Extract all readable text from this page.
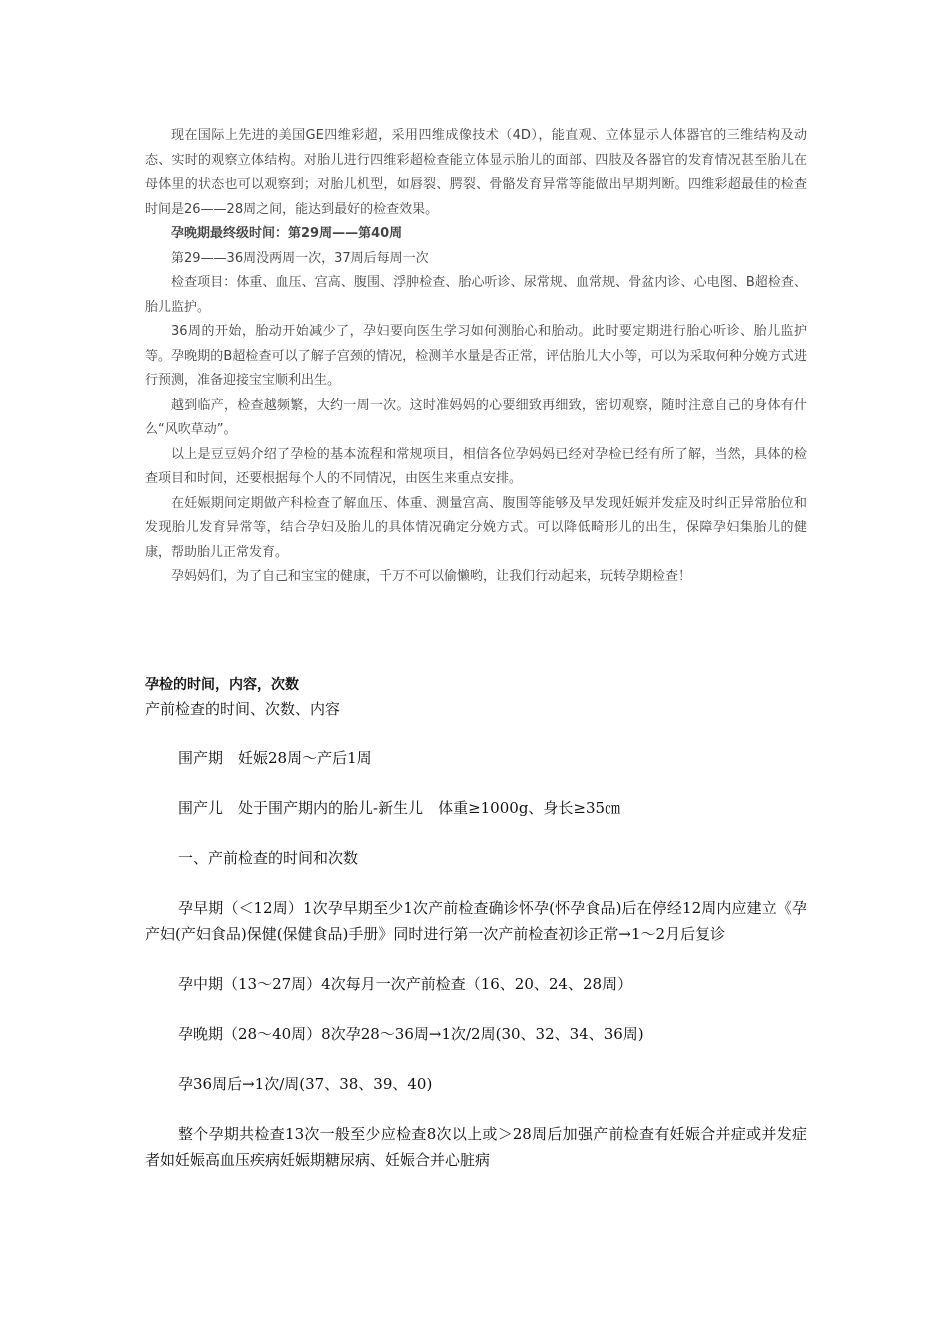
现在国际上先进的美国GE四维彩超，采用四维成像技术（4D），能直观、立体显示人体器官的三维结构及动态、实时的观察立体结构。对胎儿进行四维彩超检查能立体显示胎儿的面部、四肢及各器官的发育情况甚至胎儿在母体里的状态也可以观察到；对胎儿机型，如唇裂、腭裂、骨骼发育异常等能做出早期判断。四维彩超最佳的检查时间是26——28周之间，能达到最好的检查效果。

孕晚期最终级时间：第29周——第40周

第29——36周没两周一次，37周后每周一次

检查项目：体重、血压、宫高、腹围、浮肿检查、胎心听诊、尿常规、血常规、骨盆内诊、心电图、B超检查、胎儿监护。

36周的开始，胎动开始减少了，孕妇要向医生学习如何测胎心和胎动。此时要定期进行胎心听诊、胎儿监护等。孕晚期的B超检查可以了解子宫颈的情况，检测羊水量是否正常，评估胎儿大小等，可以为采取何种分娩方式进行预测，准备迎接宝宝顺利出生。

越到临产，检查越频繁，大约一周一次。这时准妈妈的心要细致再细致，密切观察，随时注意自己的身体有什么“风吹草动”。

以上是豆豆妈介绍了孕检的基本流程和常规项目，相信各位孕妈妈已经对孕检已经有所了解，当然，具体的检查项目和时间，还要根据每个人的不同情况，由医生来重点安排。

在妊娠期间定期做产科检查了解血压、体重、测量宫高、腹围等能够及早发现妊娠并发症及时纠正异常胎位和发现胎儿发育异常等，结合孕妇及胎儿的具体情况确定分娩方式。可以降低畸形儿的出生，保障孕妇集胎儿的健康，帮助胎儿正常发育。

孕妈妈们，为了自己和宝宝的健康，千万不可以偷懒哟，让我们行动起来，玩转孕期检查！

孕检的时间，内容，次数
产前检查的时间、次数、内容

围产期　妊娠28周～产后1周

围产儿　处于围产期内的胎儿-新生儿　体重≥1000g、身长≥35㎝

一、产前检查的时间和次数

孕早期（＜12周）1次孕早期至少1次产前检查确诊怀孕(怀孕食品)后在停经12周内应建立《孕产妇(产妇食品)保健(保健食品)手册》同时进行第一次产前检查初诊正常→1～2月后复诊

孕中期（13～27周）4次每月一次产前检查（16、20、24、28周）

孕晚期（28～40周）8次孕28～36周→1次/2周(30、32、34、36周)

孕36周后→1次/周(37、38、39、40)

整个孕期共检查13次一般至少应检查8次以上或＞28周后加强产前检查有妊娠合并症或并发症者如妊娠高血压疾病妊娠期糖尿病、妊娠合并心脏病
